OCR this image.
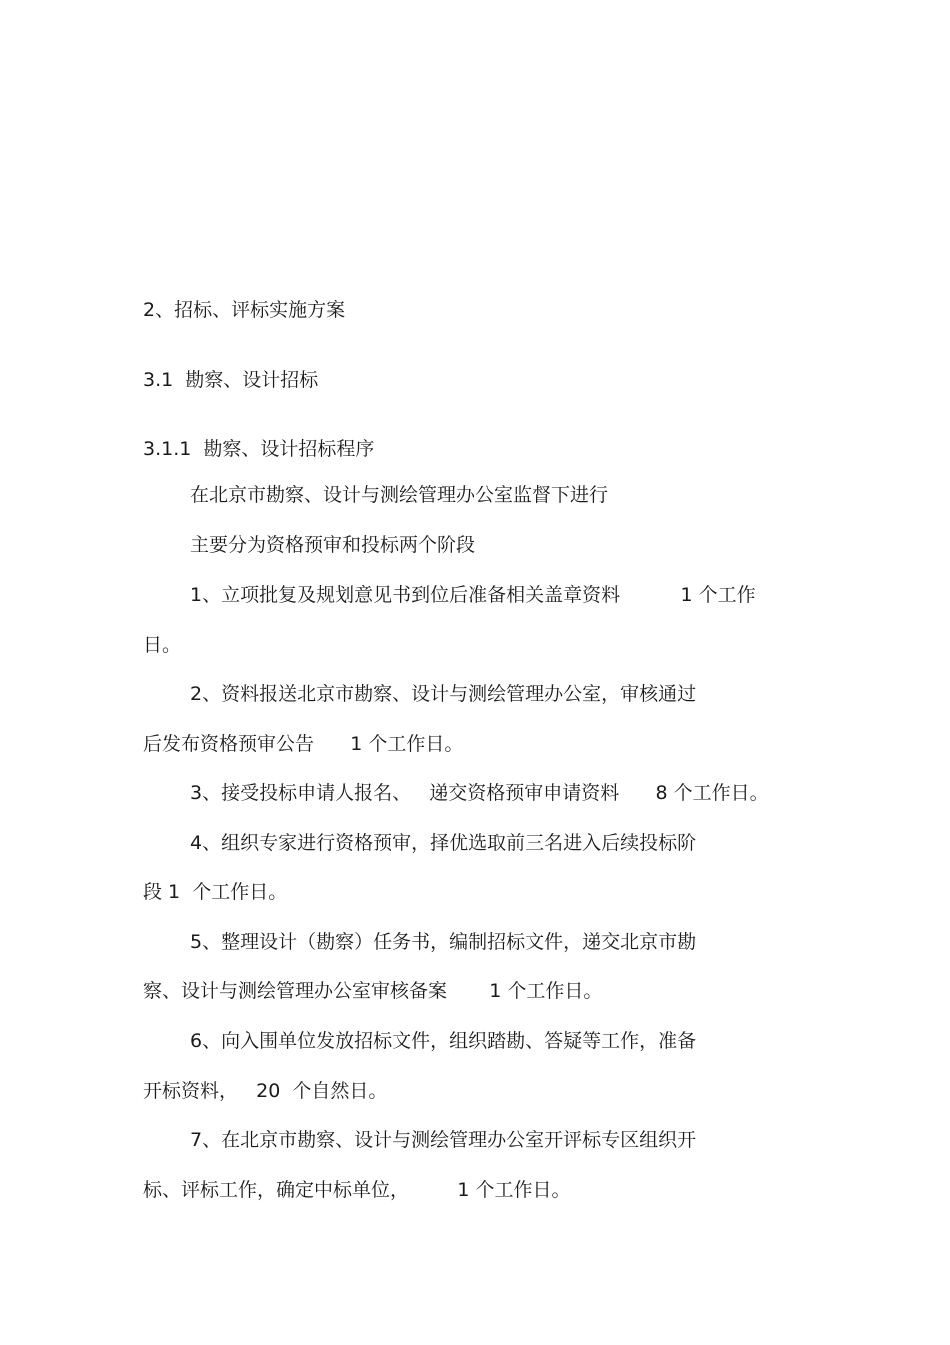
2、招标、评标实施方案

3.1  勘察、设计招标

3.1.1  勘察、设计招标程序

在北京市勘察、设计与测绘管理办公室监督下进行

主要分为资格预审和投标两个阶段

1、立项批复及规划意见书到位后准备相关盖章资料          1 个工作

日。

2、资料报送北京市勘察、设计与测绘管理办公室，审核通过

后发布资格预审公告      1 个工作日。

3、接受投标申请人报名、   递交资格预审申请资料      8 个工作日。

4、组织专家进行资格预审，择优选取前三名进入后续投标阶

段 1  个工作日。

5、整理设计（勘察）任务书，编制招标文件，递交北京市勘

察、设计与测绘管理办公室审核备案       1 个工作日。

6、向入围单位发放招标文件，组织踏勘、答疑等工作，准备

开标资料，   20  个自然日。

7、在北京市勘察、设计与测绘管理办公室开评标专区组织开

标、评标工作，确定中标单位，        1 个工作日。
